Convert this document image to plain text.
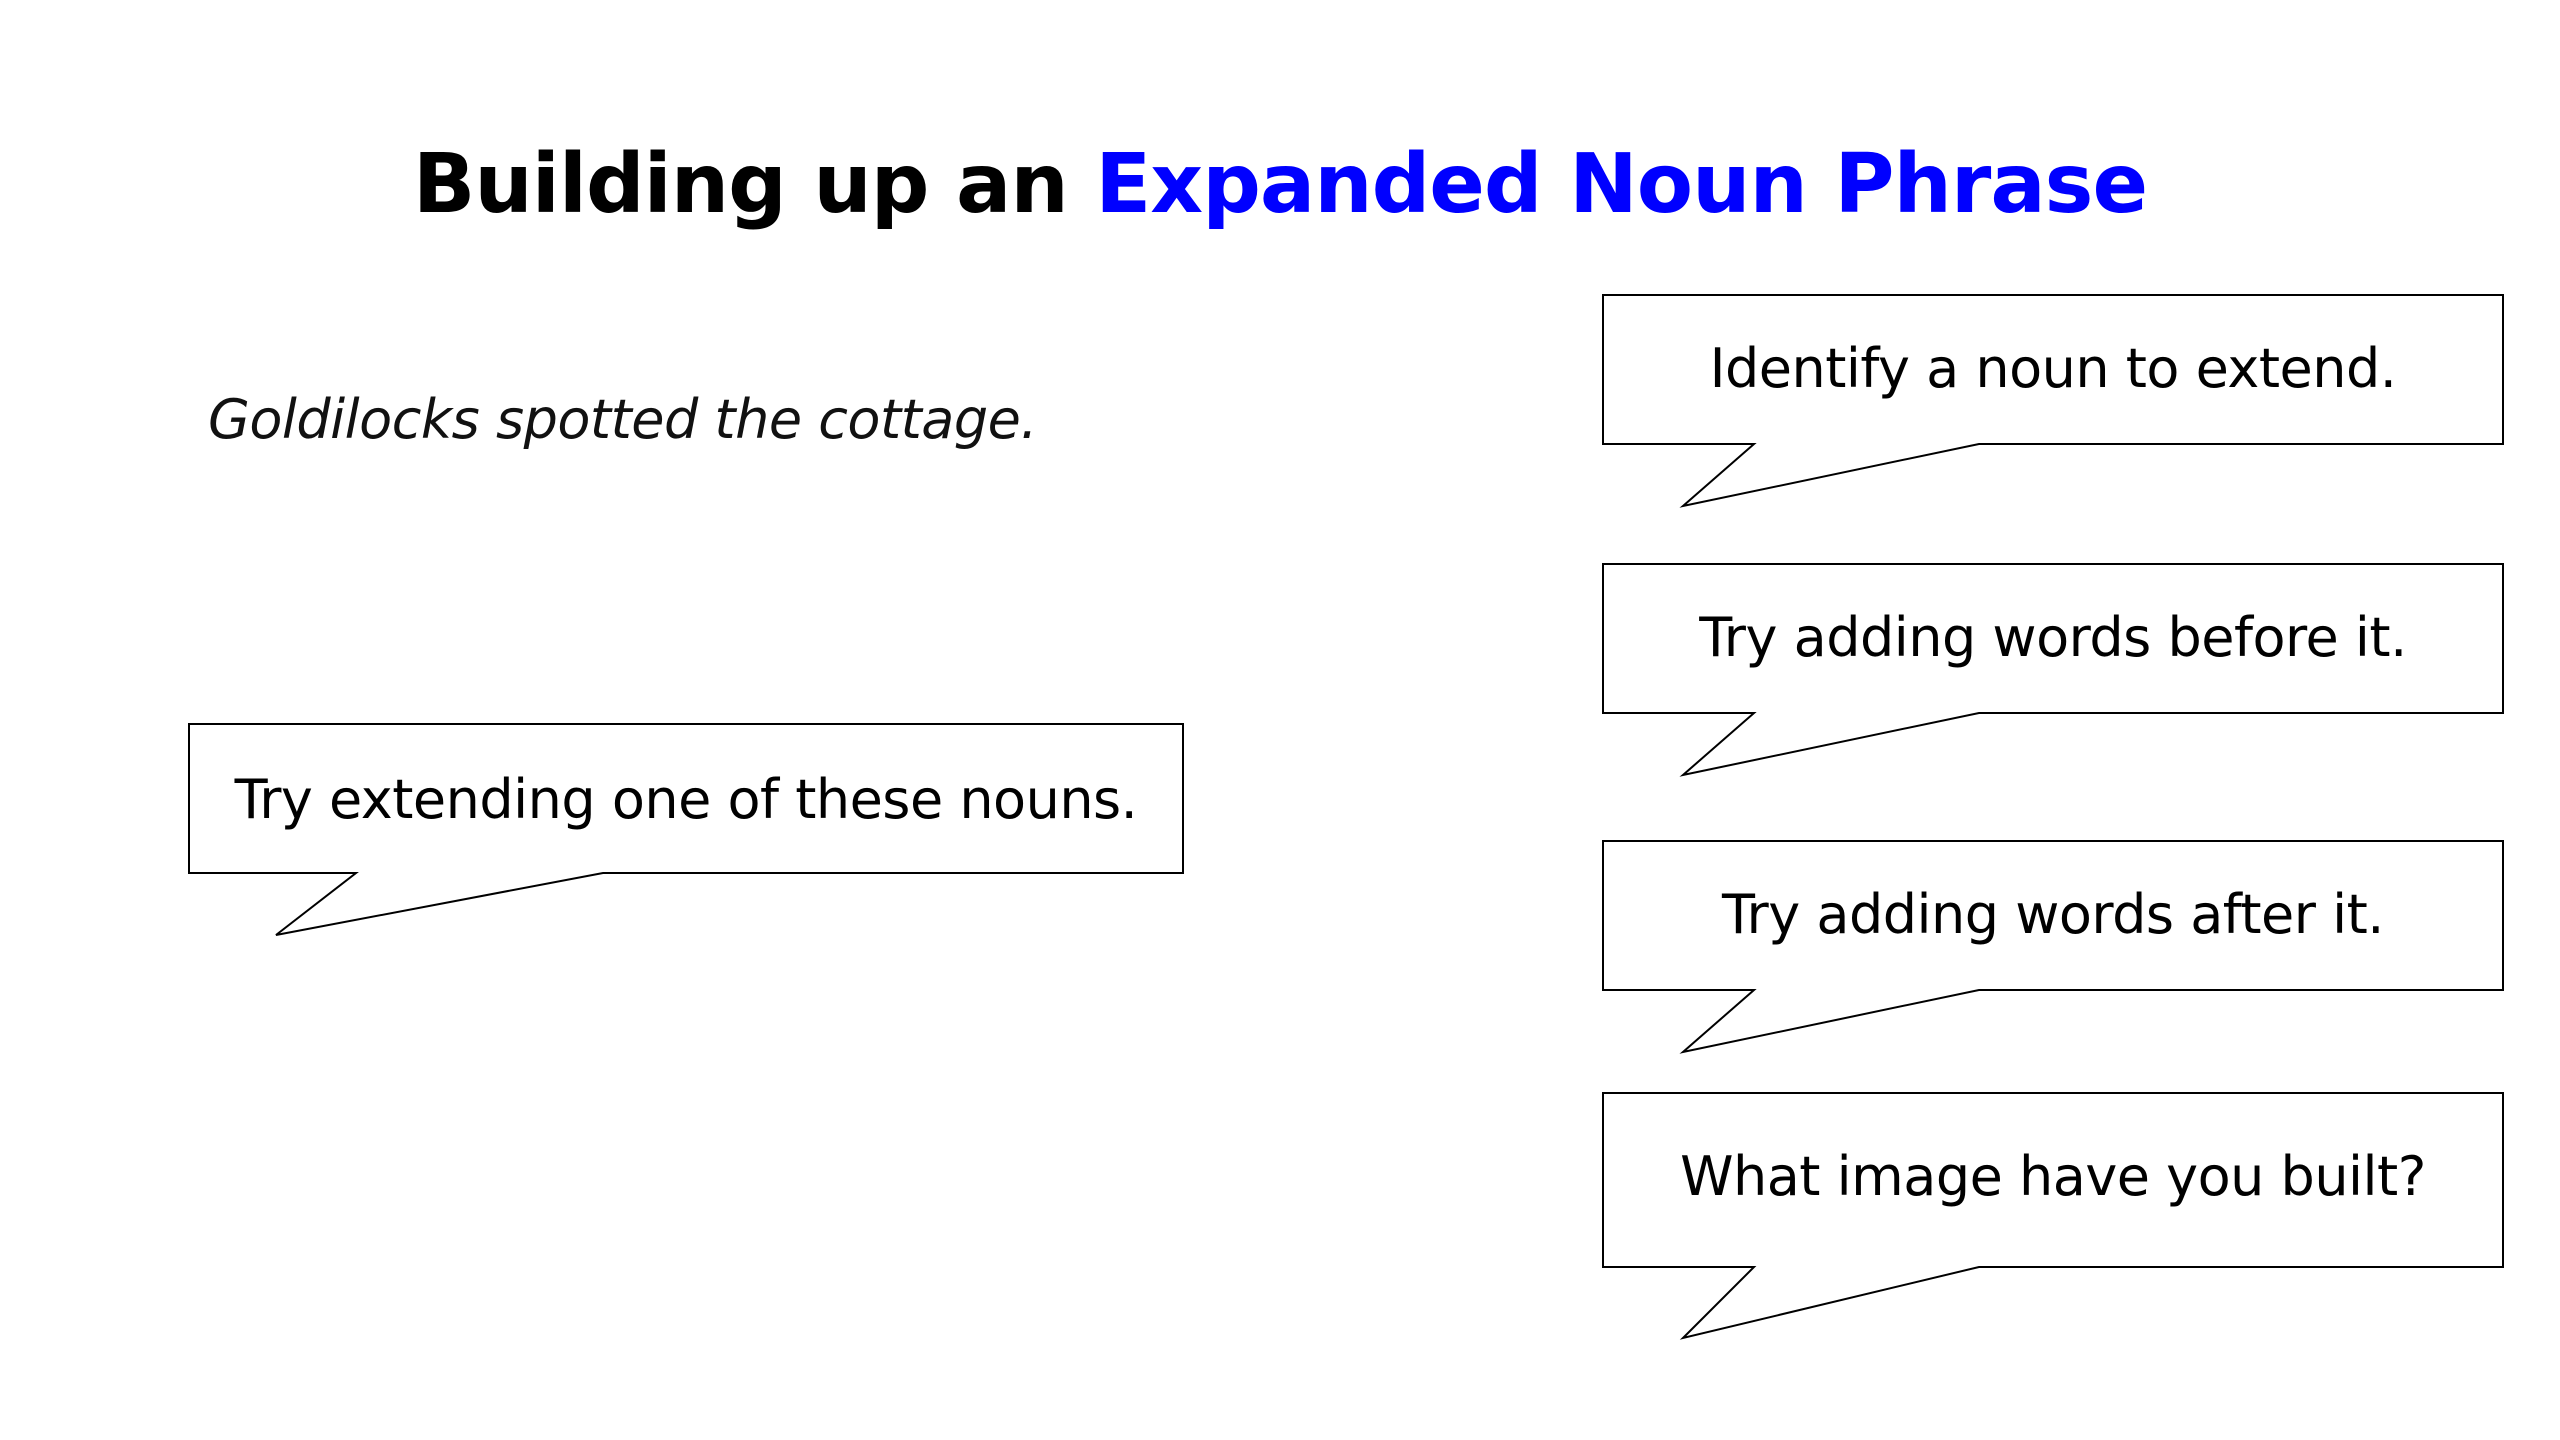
Building up an Expanded Noun Phrase
Goldilocks spotted the cottage.
Try extending one of these nouns.
Identify a noun to extend.
Try adding words before it.
Try adding words after it.
What image have you built?
